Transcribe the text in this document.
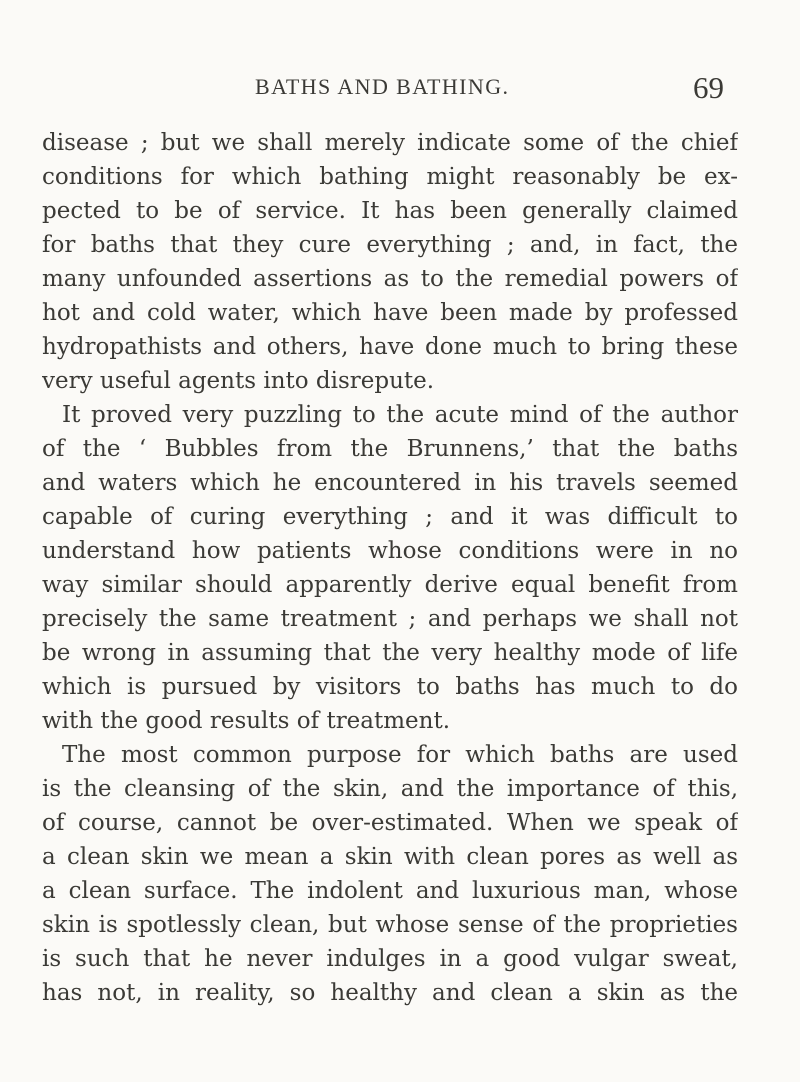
BATHS AND BATHING.	69
disease ; but we shall merely indicate some of the chief
conditions for which bathing might reasonably be ex-
pected to be of service. It has been generally claimed
for baths that they cure everything ; and, in fact, the
many unfounded assertions as to the remedial powers of
hot and cold water, which have been made by professed
hydropathists and others, have done much to bring these
very useful agents into disrepute.
It proved very puzzling to the acute mind of the author
of the ‘ Bubbles from the Brunnens,’ that the baths
and waters which he encountered in his travels seemed
capable of curing everything ; and it was difficult to
understand how patients whose conditions were in no
way similar should apparently derive equal benefit from
precisely the same treatment ; and perhaps we shall not
be wrong in assuming that the very healthy mode of life
which is pursued by visitors to baths has much to do
with the good results of treatment.
The most common purpose for which baths are used
is the cleansing of the skin, and the importance of this,
of course, cannot be over-estimated. When we speak of
a clean skin we mean a skin with clean pores as well as
a clean surface. The indolent and luxurious man, whose
skin is spotlessly clean, but whose sense of the proprieties
is such that he never indulges in a good vulgar sweat,
has not, in reality, so healthy and clean a skin as the
